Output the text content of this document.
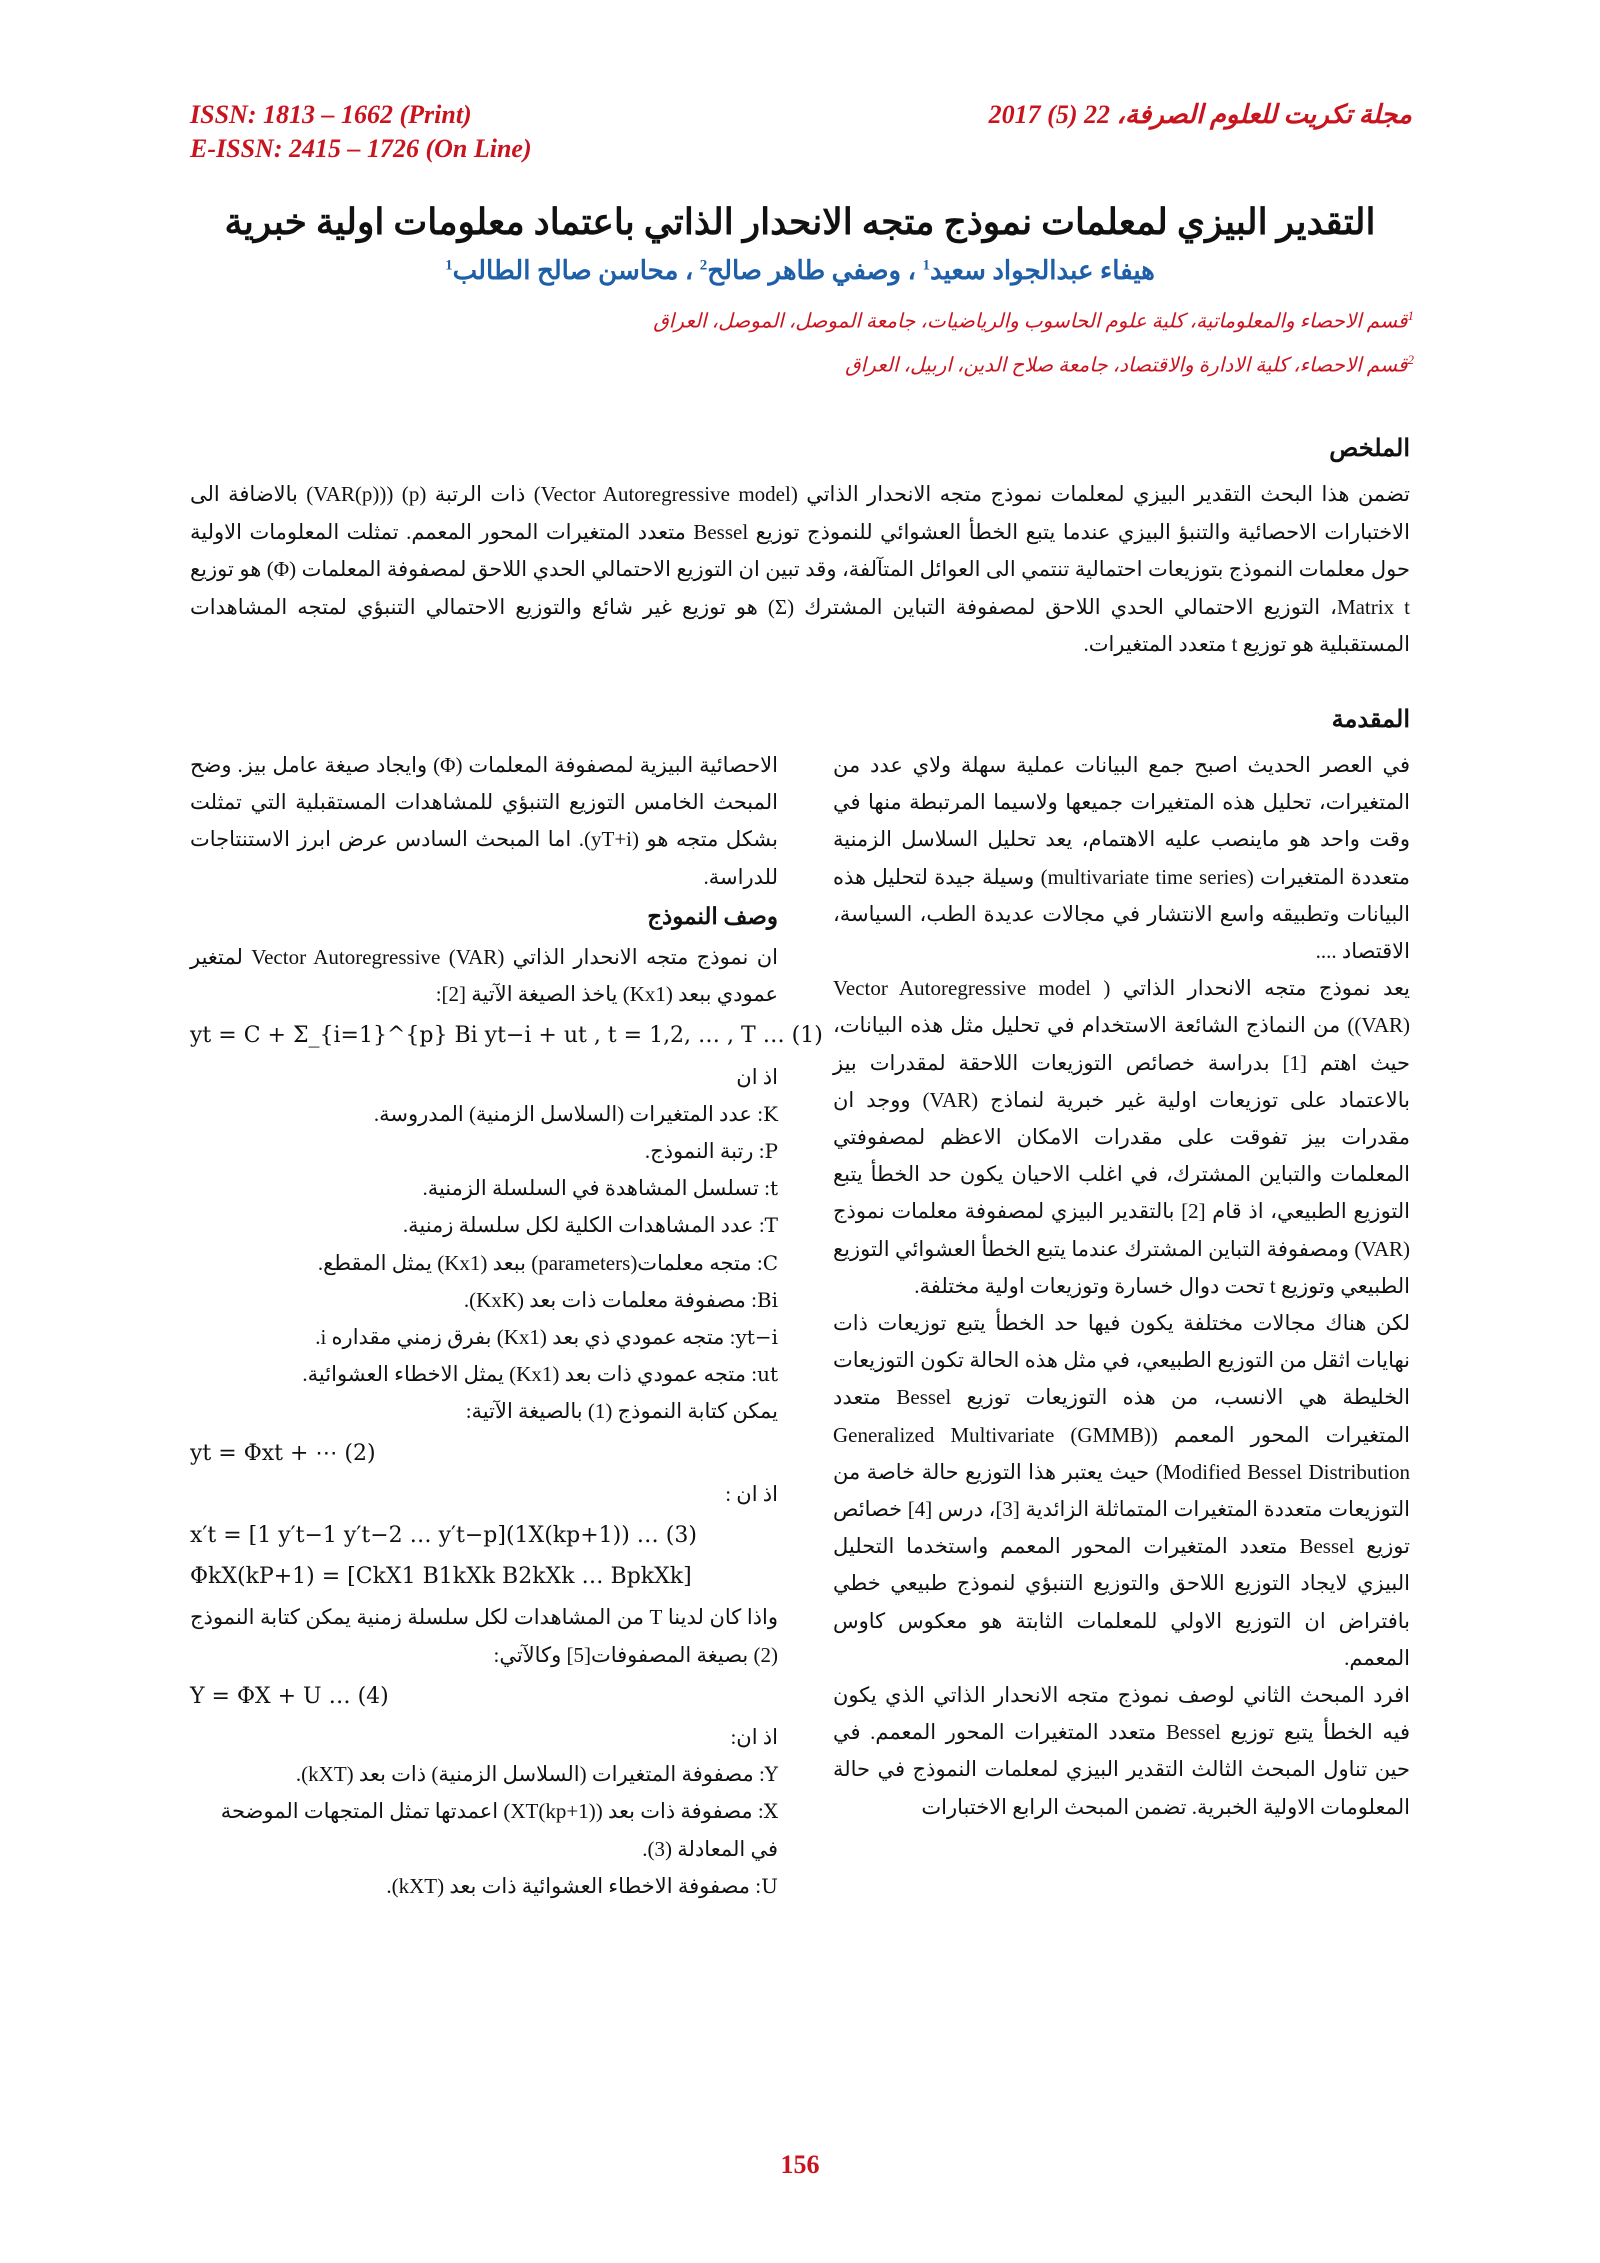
ISSN: 1813 – 1662 (Print)
E-ISSN: 2415 – 1726 (On Line)
مجلة تكريت للعلوم الصرفة، 22 (5) 2017
التقدير البيزي لمعلمات نموذج متجه الانحدار الذاتي باعتماد معلومات اولية خبرية
هيفاء عبدالجواد سعيد$^1$ ، وصفي طاهر صالح$^2$ ، محاسن صالح الطالب$^1$
$^1$قسم الاحصاء والمعلوماتية، كلية علوم الحاسوب والرياضيات، جامعة الموصل، الموصل، العراق
$^2$قسم الاحصاء، كلية الادارة والاقتصاد، جامعة صلاح الدين، اربيل، العراق
الملخص
تضمن هذا البحث التقدير البيزي لمعلمات نموذج متجه الانحدار الذاتي (Vector Autoregressive model) ذات الرتبة (p) ((VAR(p)) بالاضافة الى الاختبارات الاحصائية والتنبؤ البيزي عندما يتبع الخطأ العشوائي للنموذج توزيع Bessel متعدد المتغيرات المحور المعمم. تمثلت المعلومات الاولية حول معلمات النموذج بتوزيعات احتمالية تنتمي الى العوائل المتآلفة، وقد تبين ان التوزيع الاحتمالي الحدي اللاحق لمصفوفة المعلمات (Φ) هو توزيع Matrix t، التوزيع الاحتمالي الحدي اللاحق لمصفوفة التباين المشترك (Σ) هو توزيع غير شائع والتوزيع الاحتمالي التنبؤي لمتجه المشاهدات المستقبلية هو توزيع t متعدد المتغيرات.
المقدمة

في العصر الحديث اصبح جمع البيانات عملية سهلة ولاي عدد من المتغيرات، تحليل هذه المتغيرات جميعها ولاسيما المرتبطة منها في وقت واحد هو ماينصب عليه الاهتمام، يعد تحليل السلاسل الزمنية متعددة المتغيرات (multivariate time series) وسيلة جيدة لتحليل هذه البيانات وتطبيقه واسع الانتشار في مجالات عديدة الطب، السياسة، الاقتصاد ....

يعد نموذج متجه الانحدار الذاتي ( Vector Autoregressive model (VAR)) من النماذج الشائعة الاستخدام في تحليل مثل هذه البيانات، حيث اهتم [1] بدراسة خصائص التوزيعات اللاحقة لمقدرات بيز بالاعتماد على توزيعات اولية غير خبرية لنماذج (VAR) ووجد ان مقدرات بيز تفوقت على مقدرات الامكان الاعظم لمصفوفتي المعلمات والتباين المشترك، في اغلب الاحيان يكون حد الخطأ يتبع التوزيع الطبيعي، اذ قام [2] بالتقدير البيزي لمصفوفة معلمات نموذج (VAR) ومصفوفة التباين المشترك عندما يتبع الخطأ العشوائي التوزيع الطبيعي وتوزيع t تحت دوال خسارة وتوزيعات اولية مختلفة.

لكن هناك مجالات مختلفة يكون فيها حد الخطأ يتبع توزيعات ذات نهايات اثقل من التوزيع الطبيعي، في مثل هذه الحالة تكون التوزيعات الخليطة هي الانسب، من هذه التوزيعات توزيع Bessel متعدد المتغيرات المحور المعمم ((GMMB) Generalized Multivariate Modified Bessel Distribution) حيث يعتبر هذا التوزيع حالة خاصة من التوزيعات متعددة المتغيرات المتماثلة الزائدية [3]، درس [4] خصائص توزيع Bessel متعدد المتغيرات المحور المعمم واستخدما التحليل البيزي لايجاد التوزيع اللاحق والتوزيع التنبؤي لنموذج طبيعي خطي بافتراض ان التوزيع الاولي للمعلمات الثابتة هو معكوس كاوس المعمم.

افرد المبحث الثاني لوصف نموذج متجه الانحدار الذاتي الذي يكون فيه الخطأ يتبع توزيع Bessel متعدد المتغيرات المحور المعمم. في حين تناول المبحث الثالث التقدير البيزي لمعلمات النموذج في حالة المعلومات الاولية الخبرية. تضمن المبحث الرابع الاختبارات

الاحصائية البيزية لمصفوفة المعلمات (Φ) وايجاد صيغة عامل بيز. وضح المبحث الخامس التوزيع التنبؤي للمشاهدات المستقبلية التي تمثلت بشكل متجه هو (yT+i). اما المبحث السادس عرض ابرز الاستنتاجات للدراسة.

وصف النموذج

ان نموذج متجه الانحدار الذاتي Vector Autoregressive (VAR) لمتغير عمودي ببعد (Kx1) ياخذ الصيغة الآتية [2]:

yt = C + Σ_{i=1}^{p} Bi yt−i + ut , t = 1,2, … , T … (1)
اذ ان
K: عدد المتغيرات (السلاسل الزمنية) المدروسة.
P: رتبة النموذج.
t: تسلسل المشاهدة في السلسلة الزمنية.
T: عدد المشاهدات الكلية لكل سلسلة زمنية.
C: متجه معلمات(parameters) ببعد (Kx1) يمثل المقطع.
Bi: مصفوفة معلمات ذات بعد (KxK).
yt−i: متجه عمودي ذي بعد (Kx1) بفرق زمني مقداره i.
ut: متجه عمودي ذات بعد (Kx1) يمثل الاخطاء العشوائية.
يمكن كتابة النموذج (1) بالصيغة الآتية:
yt = Φxt + ⋯ (2)
اذ ان :
x′t = [1 y′t−1 y′t−2 … y′t−p](1X(kp+1)) … (3)
ΦkX(kP+1) = [CkX1 B1kXk B2kXk … BpkXk]

واذا كان لدينا T من المشاهدات لكل سلسلة زمنية يمكن كتابة النموذج (2) بصيغة المصفوفات[5] وكالآتي:

Y = ΦX + U … (4)
اذ ان:
Y: مصفوفة المتغيرات (السلاسل الزمنية) ذات بعد (kXT).
X: مصفوفة ذات بعد ((kp+1)XT) اعمدتها تمثل المتجهات الموضحة في المعادلة (3).
U: مصفوفة الاخطاء العشوائية ذات بعد (kXT).
156
